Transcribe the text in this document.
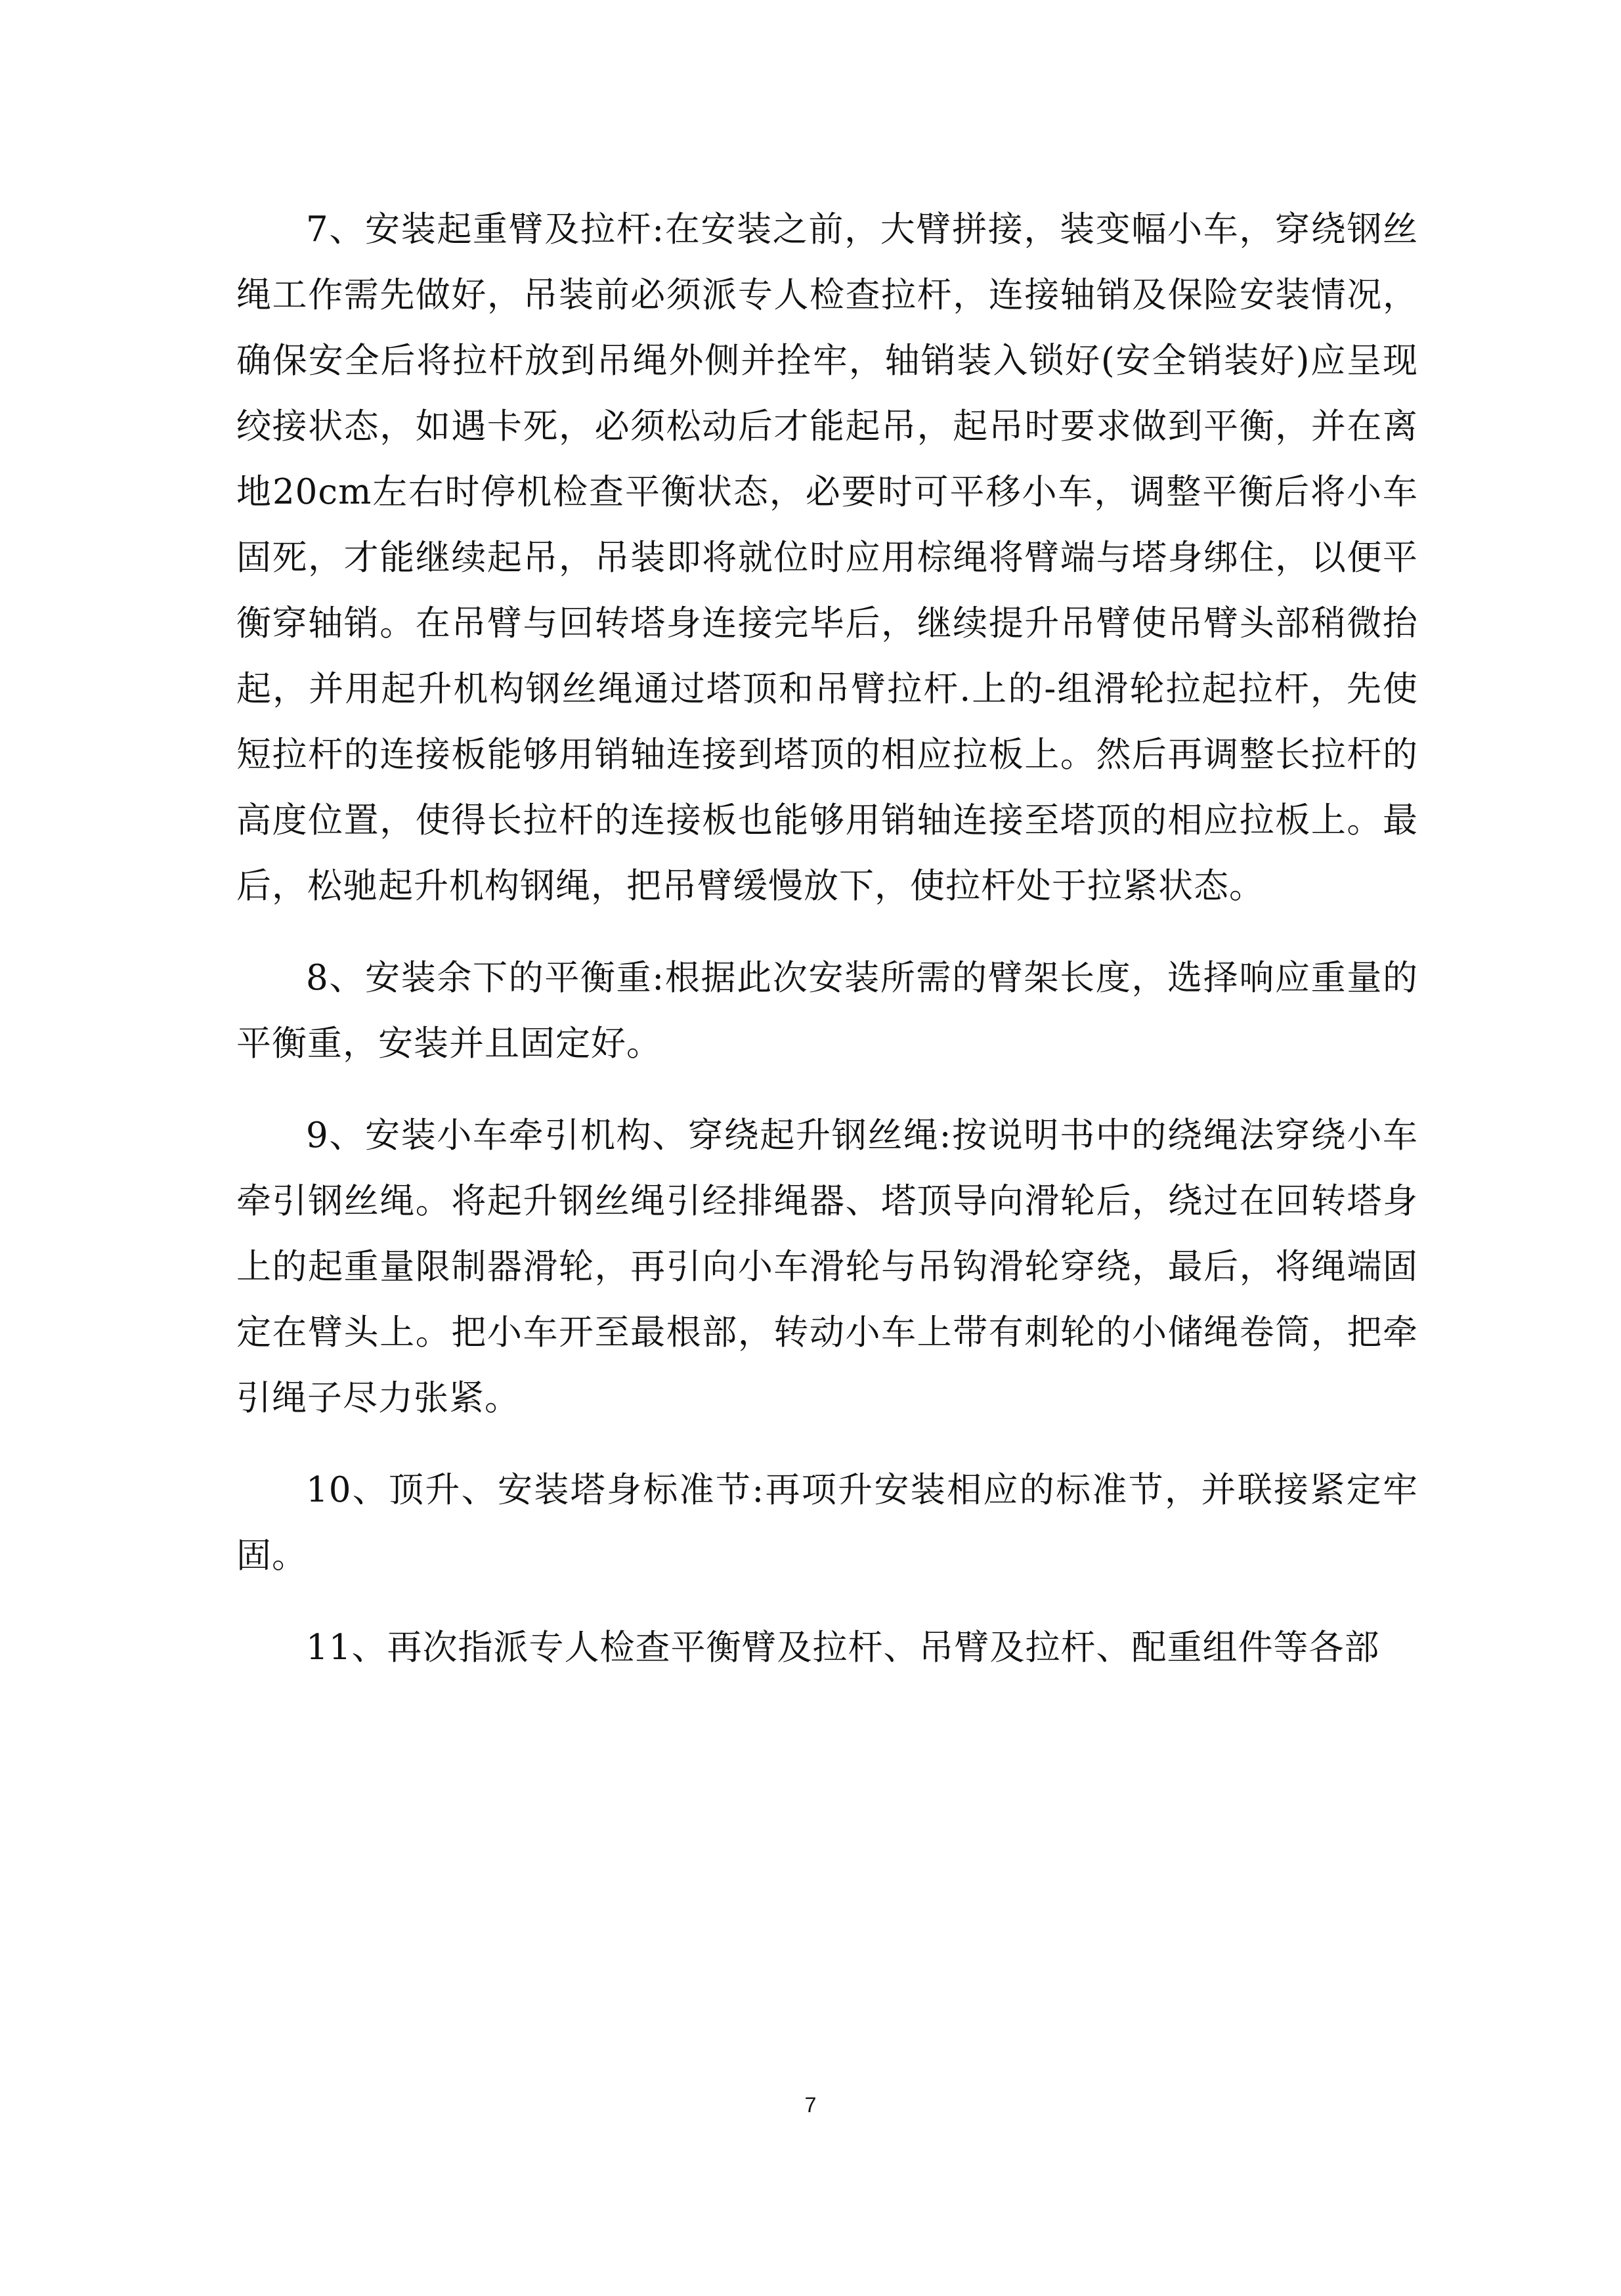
7、安装起重臂及拉杆:在安装之前，大臂拼接，装变幅小车，穿绕钢丝绳工作需先做好，吊装前必须派专人检查拉杆，连接轴销及保险安装情况，确保安全后将拉杆放到吊绳外侧并拴牢，轴销装入锁好(安全销装好)应呈现绞接状态，如遇卡死，必须松动后才能起吊，起吊时要求做到平衡，并在离地20cm左右时停机检查平衡状态，必要时可平移小车，调整平衡后将小车固死，才能继续起吊，吊装即将就位时应用棕绳将臂端与塔身绑住，以便平衡穿轴销。在吊臂与回转塔身连接完毕后，继续提升吊臂使吊臂头部稍微抬起，并用起升机构钢丝绳通过塔顶和吊臂拉杆.上的-组滑轮拉起拉杆，先使短拉杆的连接板能够用销轴连接到塔顶的相应拉板上。然后再调整长拉杆的高度位置，使得长拉杆的连接板也能够用销轴连接至塔顶的相应拉板上。最后，松驰起升机构钢绳，把吊臂缓慢放下，使拉杆处于拉紧状态。

8、安装余下的平衡重:根据此次安装所需的臂架长度，选择响应重量的平衡重，安装并且固定好。

9、安装小车牵引机构、穿绕起升钢丝绳:按说明书中的绕绳法穿绕小车牵引钢丝绳。将起升钢丝绳引经排绳器、塔顶导向滑轮后，绕过在回转塔身上的起重量限制器滑轮，再引向小车滑轮与吊钩滑轮穿绕，最后，将绳端固定在臂头上。把小车开至最根部，转动小车上带有刺轮的小储绳卷筒，把牵引绳子尽力张紧。

10、顶升、安装塔身标准节:再项升安装相应的标准节，并联接紧定牢固。

11、再次指派专人检查平衡臂及拉杆、吊臂及拉杆、配重组件等各部

7
